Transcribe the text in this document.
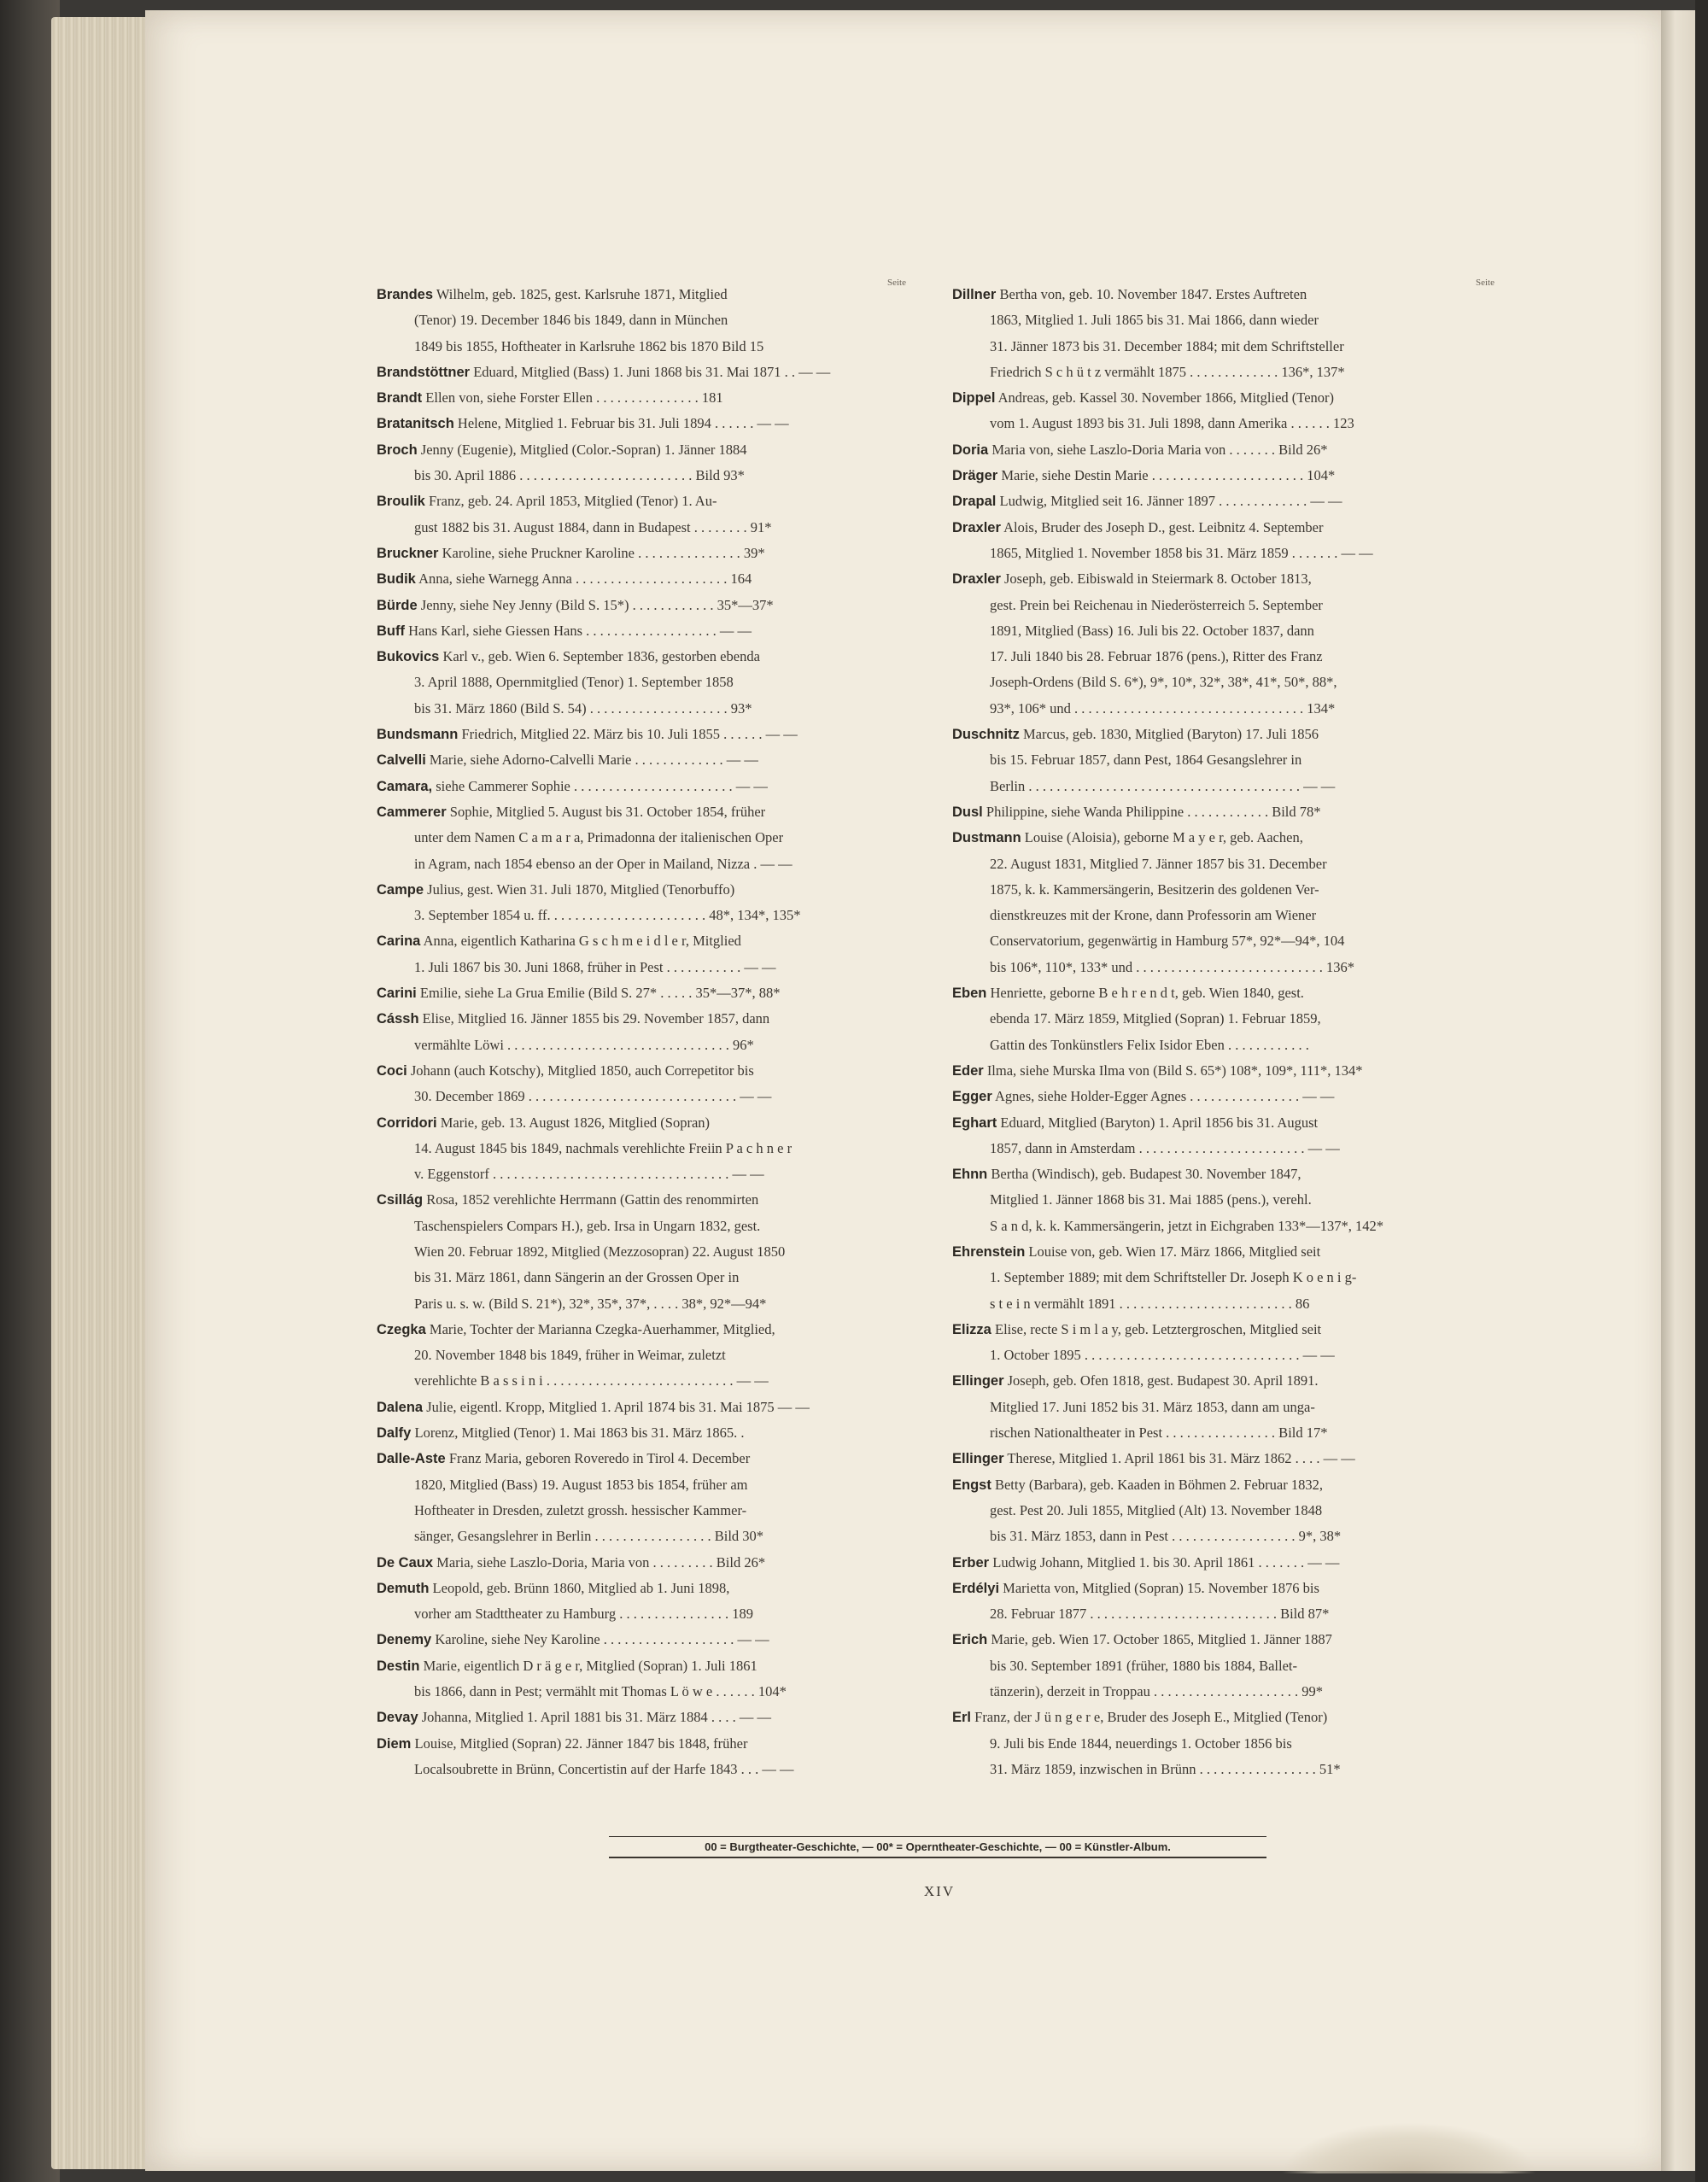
Seite
Brandes Wilhelm, geb. 1825, gest. Karlsruhe 1871, Mitglied
(Tenor) 19. December 1846 bis 1849, dann in München
1849 bis 1855, Hoftheater in Karlsruhe 1862 bis 1870 Bild 15
Brandstöttner Eduard, Mitglied (Bass) 1. Juni 1868 bis 31. Mai 1871 . . — —
Brandt Ellen von, siehe Forster Ellen . . . . . . . . . . . . . . . 181
Bratanitsch Helene, Mitglied 1. Februar bis 31. Juli 1894 . . . . . . — —
Broch Jenny (Eugenie), Mitglied (Color.-Sopran) 1. Jänner 1884
bis 30. April 1886 . . . . . . . . . . . . . . . . . . . . . . . . . Bild 93*
Broulik Franz, geb. 24. April 1853, Mitglied (Tenor) 1. Au-
gust 1882 bis 31. August 1884, dann in Budapest . . . . . . . . 91*
Bruckner Karoline, siehe Pruckner Karoline . . . . . . . . . . . . . . . 39*
Budik Anna, siehe Warnegg Anna . . . . . . . . . . . . . . . . . . . . . . 164
Bürde Jenny, siehe Ney Jenny (Bild S. 15*) . . . . . . . . . . . . 35*—37*
Buff Hans Karl, siehe Giessen Hans . . . . . . . . . . . . . . . . . . . — —
Bukovics Karl v., geb. Wien 6. September 1836, gestorben ebenda
3. April 1888, Opernmitglied (Tenor) 1. September 1858
bis 31. März 1860 (Bild S. 54) . . . . . . . . . . . . . . . . . . . . 93*
Bundsmann Friedrich, Mitglied 22. März bis 10. Juli 1855 . . . . . . — —
Calvelli Marie, siehe Adorno-Calvelli Marie . . . . . . . . . . . . . — —
Camara, siehe Cammerer Sophie . . . . . . . . . . . . . . . . . . . . . . . — —
Cammerer Sophie, Mitglied 5. August bis 31. October 1854, früher
unter dem Namen C a m a r a, Primadonna der italienischen Oper
in Agram, nach 1854 ebenso an der Oper in Mailand, Nizza . — —
Campe Julius, gest. Wien 31. Juli 1870, Mitglied (Tenorbuffo)
3. September 1854 u. ff. . . . . . . . . . . . . . . . . . . . . . . 48*, 134*, 135*
Carina Anna, eigentlich Katharina G s c h m e i d l e r, Mitglied
1. Juli 1867 bis 30. Juni 1868, früher in Pest . . . . . . . . . . . — —
Carini Emilie, siehe La Grua Emilie (Bild S. 27* . . . . . 35*—37*, 88*
Cássh Elise, Mitglied 16. Jänner 1855 bis 29. November 1857, dann
vermählte Löwi . . . . . . . . . . . . . . . . . . . . . . . . . . . . . . . . 96*
Coci Johann (auch Kotschy), Mitglied 1850, auch Correpetitor bis
30. December 1869 . . . . . . . . . . . . . . . . . . . . . . . . . . . . . . — —
Corridori Marie, geb. 13. August 1826, Mitglied (Sopran)
14. August 1845 bis 1849, nachmals verehlichte Freiin P a c h n e r
v. Eggenstorf . . . . . . . . . . . . . . . . . . . . . . . . . . . . . . . . . . — —
Csillág Rosa, 1852 verehlichte Herrmann (Gattin des renommirten
Taschenspielers Compars H.), geb. Irsa in Ungarn 1832, gest.
Wien 20. Februar 1892, Mitglied (Mezzosopran) 22. August 1850
bis 31. März 1861, dann Sängerin an der Grossen Oper in
Paris u. s. w. (Bild S. 21*), 32*, 35*, 37*, . . . . 38*, 92*—94*
Czegka Marie, Tochter der Marianna Czegka-Auerhammer, Mitglied,
20. November 1848 bis 1849, früher in Weimar, zuletzt
verehlichte B a s s i n i . . . . . . . . . . . . . . . . . . . . . . . . . . . — —
Dalena Julie, eigentl. Kropp, Mitglied 1. April 1874 bis 31. Mai 1875 — —
Dalfy Lorenz, Mitglied (Tenor) 1. Mai 1863 bis 31. März 1865. .
Dalle-Aste Franz Maria, geboren Roveredo in Tirol 4. December
1820, Mitglied (Bass) 19. August 1853 bis 1854, früher am
Hoftheater in Dresden, zuletzt grossh. hessischer Kammer-
sänger, Gesangslehrer in Berlin . . . . . . . . . . . . . . . . . Bild 30*
De Caux Maria, siehe Laszlo-Doria, Maria von . . . . . . . . . Bild 26*
Demuth Leopold, geb. Brünn 1860, Mitglied ab 1. Juni 1898,
vorher am Stadttheater zu Hamburg . . . . . . . . . . . . . . . . 189
Denemy Karoline, siehe Ney Karoline . . . . . . . . . . . . . . . . . . . — —
Destin Marie, eigentlich D r ä g e r, Mitglied (Sopran) 1. Juli 1861
bis 1866, dann in Pest; vermählt mit Thomas L ö w e . . . . . . 104*
Devay Johanna, Mitglied 1. April 1881 bis 31. März 1884 . . . . — —
Diem Louise, Mitglied (Sopran) 22. Jänner 1847 bis 1848, früher
Localsoubrette in Brünn, Concertistin auf der Harfe 1843 . . . — —
Seite
Dillner Bertha von, geb. 10. November 1847. Erstes Auftreten
1863, Mitglied 1. Juli 1865 bis 31. Mai 1866, dann wieder
31. Jänner 1873 bis 31. December 1884; mit dem Schriftsteller
Friedrich S c h ü t z vermählt 1875 . . . . . . . . . . . . . 136*, 137*
Dippel Andreas, geb. Kassel 30. November 1866, Mitglied (Tenor)
vom 1. August 1893 bis 31. Juli 1898, dann Amerika . . . . . . 123
Doria Maria von, siehe Laszlo-Doria Maria von . . . . . . . Bild 26*
Dräger Marie, siehe Destin Marie . . . . . . . . . . . . . . . . . . . . . . 104*
Drapal Ludwig, Mitglied seit 16. Jänner 1897 . . . . . . . . . . . . . — —
Draxler Alois, Bruder des Joseph D., gest. Leibnitz 4. September
1865, Mitglied 1. November 1858 bis 31. März 1859 . . . . . . . — —
Draxler Joseph, geb. Eibiswald in Steiermark 8. October 1813,
gest. Prein bei Reichenau in Niederösterreich 5. September
1891, Mitglied (Bass) 16. Juli bis 22. October 1837, dann
17. Juli 1840 bis 28. Februar 1876 (pens.), Ritter des Franz
Joseph-Ordens (Bild S. 6*), 9*, 10*, 32*, 38*, 41*, 50*, 88*,
93*, 106* und . . . . . . . . . . . . . . . . . . . . . . . . . . . . . . . . . 134*
Duschnitz Marcus, geb. 1830, Mitglied (Baryton) 17. Juli 1856
bis 15. Februar 1857, dann Pest, 1864 Gesangslehrer in
Berlin . . . . . . . . . . . . . . . . . . . . . . . . . . . . . . . . . . . . . . . — —
Dusl Philippine, siehe Wanda Philippine . . . . . . . . . . . . Bild 78*
Dustmann Louise (Aloisia), geborne M a y e r, geb. Aachen,
22. August 1831, Mitglied 7. Jänner 1857 bis 31. December
1875, k. k. Kammersängerin, Besitzerin des goldenen Ver-
dienstkreuzes mit der Krone, dann Professorin am Wiener
Conservatorium, gegenwärtig in Hamburg 57*, 92*—94*, 104
bis 106*, 110*, 133* und . . . . . . . . . . . . . . . . . . . . . . . . . . . 136*
Eben Henriette, geborne B e h r e n d t, geb. Wien 1840, gest.
ebenda 17. März 1859, Mitglied (Sopran) 1. Februar 1859,
Gattin des Tonkünstlers Felix Isidor Eben . . . . . . . . . . . .
Eder Ilma, siehe Murska Ilma von (Bild S. 65*) 108*, 109*, 111*, 134*
Egger Agnes, siehe Holder-Egger Agnes . . . . . . . . . . . . . . . . — —
Eghart Eduard, Mitglied (Baryton) 1. April 1856 bis 31. August
1857, dann in Amsterdam . . . . . . . . . . . . . . . . . . . . . . . . — —
Ehnn Bertha (Windisch), geb. Budapest 30. November 1847,
Mitglied 1. Jänner 1868 bis 31. Mai 1885 (pens.), verehl.
S a n d, k. k. Kammersängerin, jetzt in Eichgraben 133*—137*, 142*
Ehrenstein Louise von, geb. Wien 17. März 1866, Mitglied seit
1. September 1889; mit dem Schriftsteller Dr. Joseph K o e n i g-
s t e i n vermählt 1891 . . . . . . . . . . . . . . . . . . . . . . . . . 86
Elizza Elise, recte S i m l a y, geb. Letztergroschen, Mitglied seit
1. October 1895 . . . . . . . . . . . . . . . . . . . . . . . . . . . . . . . — —
Ellinger Joseph, geb. Ofen 1818, gest. Budapest 30. April 1891.
Mitglied 17. Juni 1852 bis 31. März 1853, dann am unga-
rischen Nationaltheater in Pest . . . . . . . . . . . . . . . . Bild 17*
Ellinger Therese, Mitglied 1. April 1861 bis 31. März 1862 . . . . — —
Engst Betty (Barbara), geb. Kaaden in Böhmen 2. Februar 1832,
gest. Pest 20. Juli 1855, Mitglied (Alt) 13. November 1848
bis 31. März 1853, dann in Pest . . . . . . . . . . . . . . . . . . 9*, 38*
Erber Ludwig Johann, Mitglied 1. bis 30. April 1861 . . . . . . . — —
Erdélyi Marietta von, Mitglied (Sopran) 15. November 1876 bis
28. Februar 1877 . . . . . . . . . . . . . . . . . . . . . . . . . . . Bild 87*
Erich Marie, geb. Wien 17. October 1865, Mitglied 1. Jänner 1887
bis 30. September 1891 (früher, 1880 bis 1884, Ballet-
tänzerin), derzeit in Troppau . . . . . . . . . . . . . . . . . . . . . 99*
Erl Franz, der J ü n g e r e, Bruder des Joseph E., Mitglied (Tenor)
9. Juli bis Ende 1844, neuerdings 1. October 1856 bis
31. März 1859, inzwischen in Brünn . . . . . . . . . . . . . . . . . 51*
00 = Burgtheater-Geschichte, — 00* = Operntheater-Geschichte, — 00 = Künstler-Album.
XIV
